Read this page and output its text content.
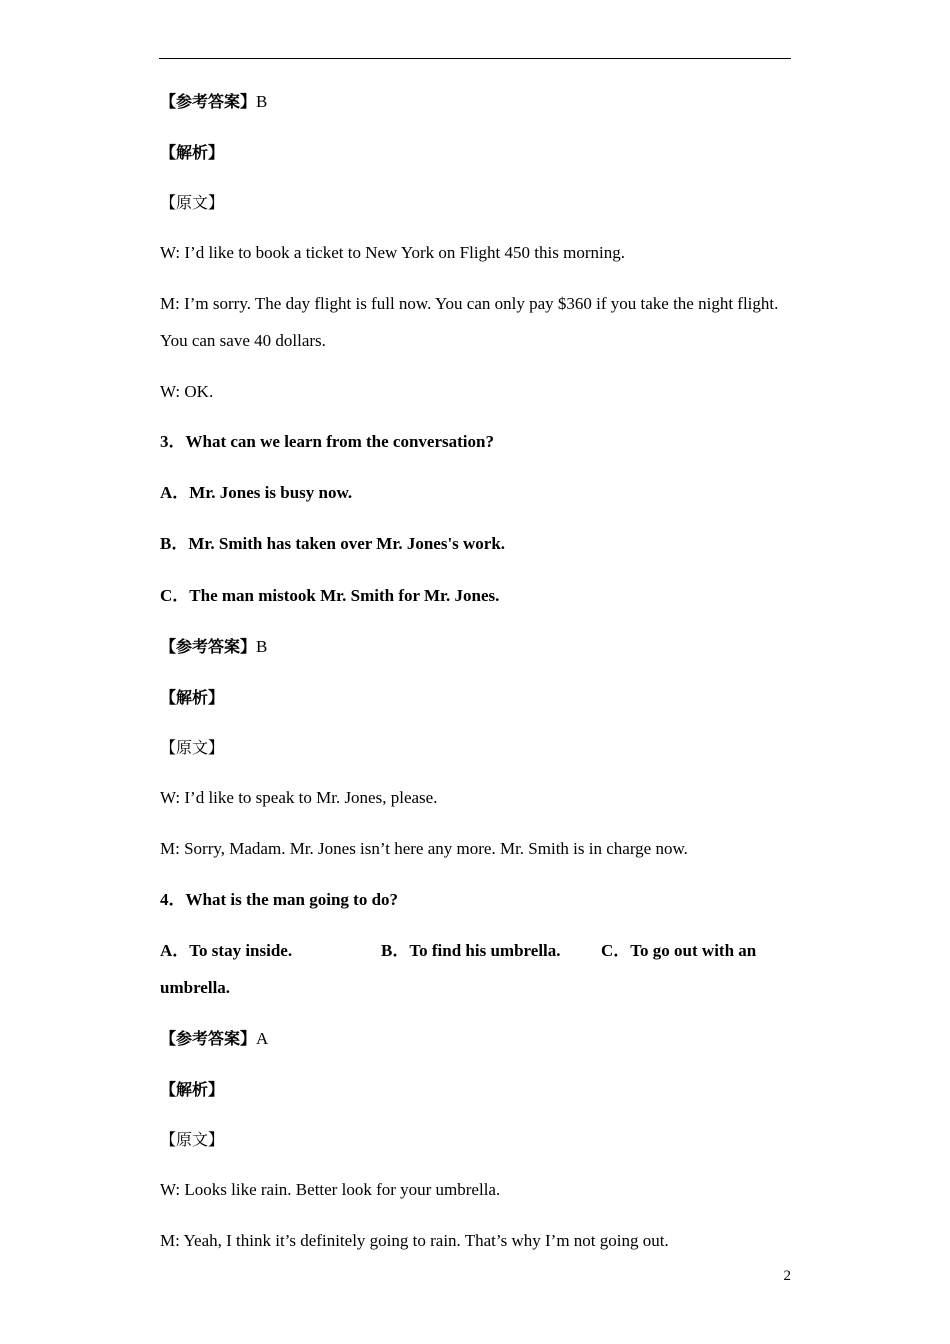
【参考答案】B
【解析】
【原文】
W: I’d like to book a ticket to New York on Flight 450 this morning.
M: I’m sorry. The day flight is full now. You can only pay $360 if you take the night flight.
You can save 40 dollars.
W: OK.
3．What can we learn from the conversation?
A．Mr. Jones is busy now.
B．Mr. Smith has taken over Mr. Jones's work.
C．The man mistook Mr. Smith for Mr. Jones.
【参考答案】B
【解析】
【原文】
W: I’d like to speak to Mr. Jones, please.
M: Sorry, Madam. Mr. Jones isn’t here any more. Mr. Smith is in charge now.
4．What is the man going to do?
A．To stay inside.	B．To find his umbrella. C．To go out with an
umbrella.
【参考答案】A
【解析】
【原文】
W: Looks like rain. Better look for your umbrella.
M: Yeah, I think it’s definitely going to rain. That’s why I’m not going out.
2
